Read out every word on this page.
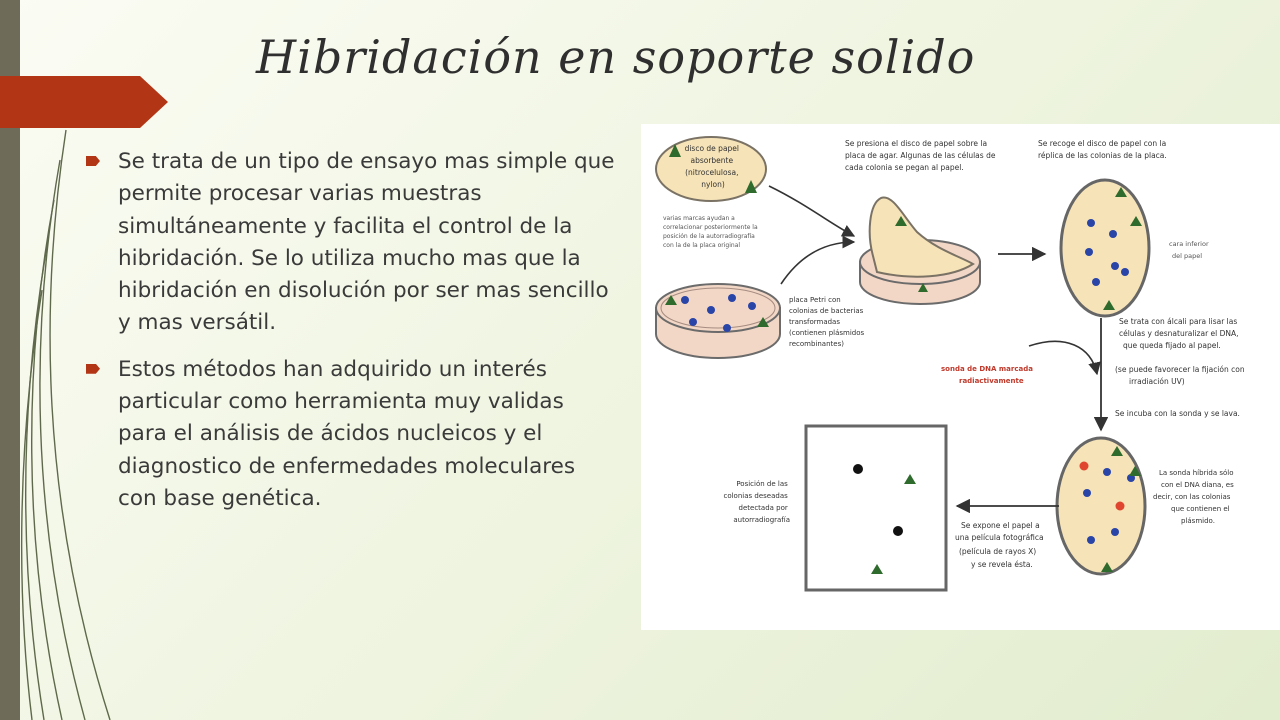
Hibridación en soporte solido
Se trata de un tipo de ensayo mas simple que permite procesar varias muestras simultáneamente y facilita el control de la hibridación. Se lo utiliza mucho mas que la hibridación en disolución por ser mas sencillo y mas versátil.
Estos métodos han adquirido un interés particular como herramienta muy validas para el análisis de ácidos nucleicos y el diagnostico de enfermedades moleculares con base genética.
disco de papel absorbente (nitrocelulosa, nylon)
varias marcas ayudan a correlacionar posteriormente la posición de la autorradiografía con la de la placa original
placa Petri con colonias de bacterias transformadas (contienen plásmidos recombinantes)
Se presiona el disco de papel sobre la placa de agar. Algunas de las células de cada colonia se pegan al papel.
Se recoge el disco de papel con la réplica de las colonias de la placa.
cara inferior del papel
Se trata con álcali para lisar las células y desnaturalizar el DNA, que queda fijado al papel. (se puede favorecer la fijación con irradiación UV)
sonda de DNA marcada radiactivamente
Se incuba con la sonda y se lava.
La sonda híbrida sólo con el DNA diana, es decir, con las colonias que contienen el plásmido.
Se expone el papel a una película fotográfica (película de rayos X) y se revela ésta.
Posición de las colonias deseadas detectada por autorradiografía
